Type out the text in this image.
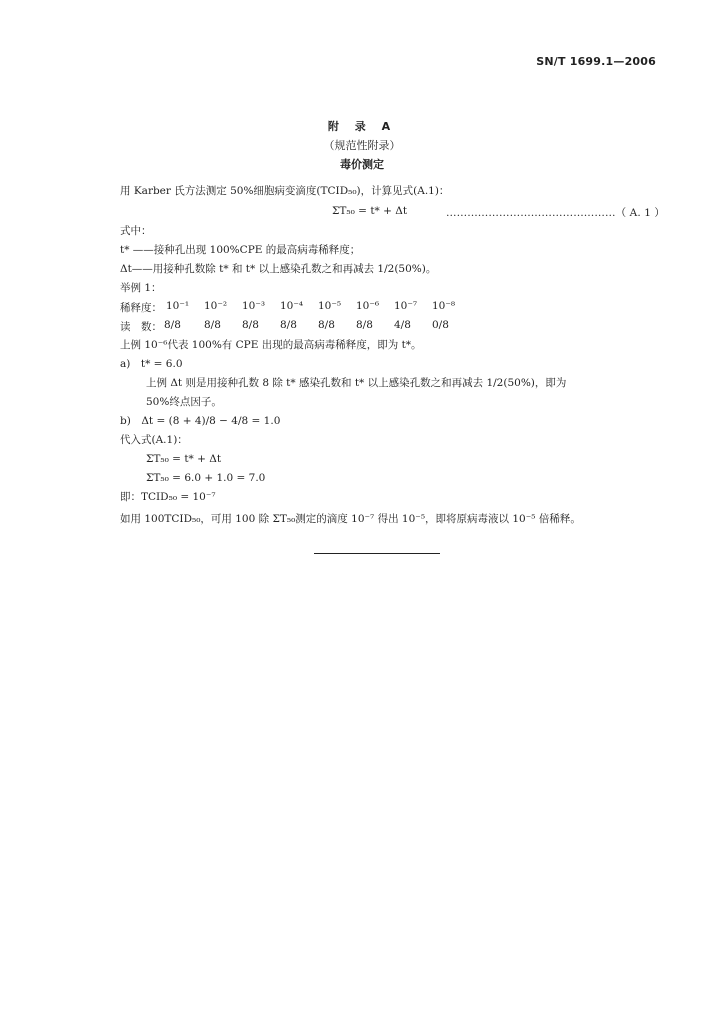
SN/T 1699.1—2006
附 录 A
（规范性附录）
毒价测定
用 Karber 氏方法测定 50%细胞病变滴度(TCID₅₀)，计算见式(A.1)：
ΣT₅₀ = t* + Δt	…………………………………………（ A. 1 ）
式中：
t* ——接种孔出现 100%CPE 的最高病毒稀释度；
Δt——用接种孔数除 t* 和 t* 以上感染孔数之和再减去 1/2(50%)。
举例 1：
稀释度： 10⁻¹ 10⁻² 10⁻³ 10⁻⁴ 10⁻⁵ 10⁻⁶ 10⁻⁷ 10⁻⁸
读　数： 8/8 8/8 8/8 8/8 8/8 8/8 4/8 0/8
上例 10⁻⁶代表 100%有 CPE 出现的最高病毒稀释度，即为 t*。
a)　t* = 6.0
上例 Δt 则是用接种孔数 8 除 t* 感染孔数和 t* 以上感染孔数之和再减去 1/2(50%)，即为
50%终点因子。
b)　Δt = (8 + 4)/8 − 4/8 = 1.0
代入式(A.1)：
ΣT₅₀ = t* + Δt
ΣT₅₀ = 6.0 + 1.0 = 7.0
即：TCID₅₀ = 10⁻⁷
如用 100TCID₅₀，可用 100 除 ΣT₅₀测定的滴度 10⁻⁷ 得出 10⁻⁵，即将原病毒液以 10⁻⁵ 倍稀释。
